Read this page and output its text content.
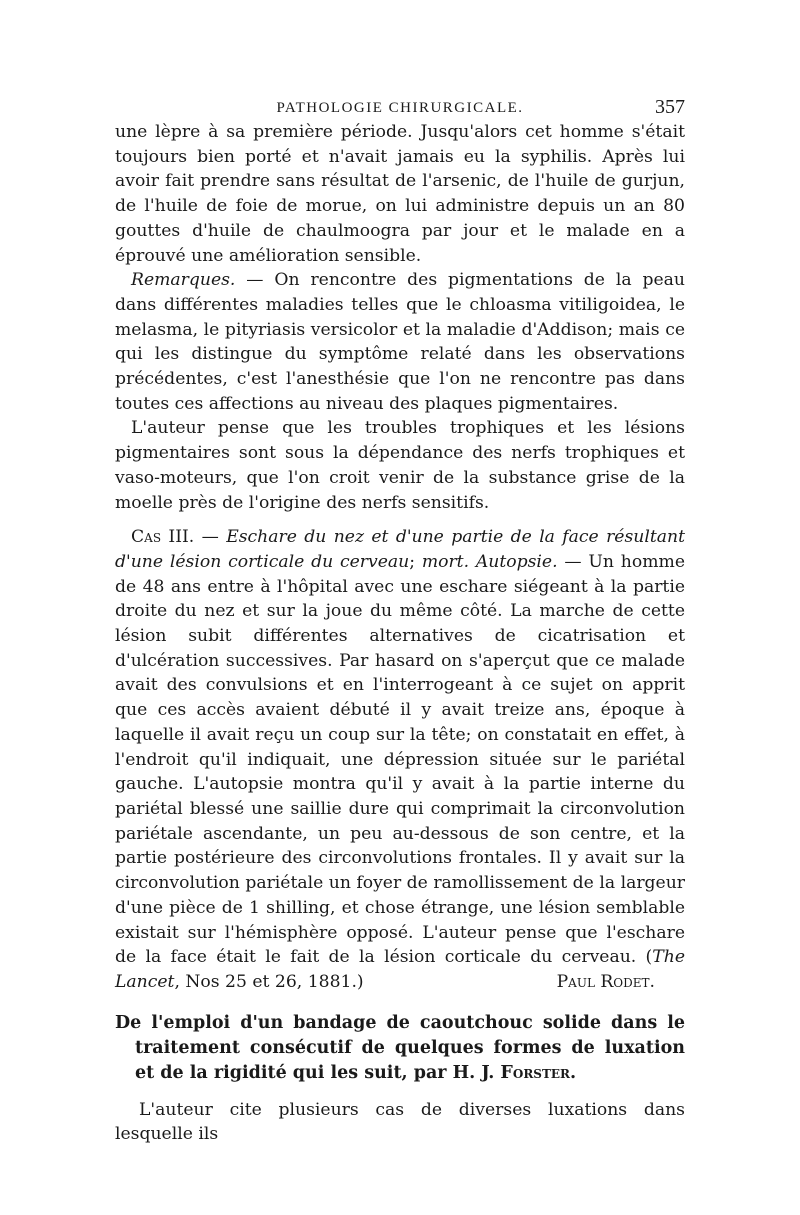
PATHOLOGIE CHIRURGICALE.	357

une lèpre à sa première période. Jusqu'alors cet homme s'était toujours bien porté et n'avait jamais eu la syphilis. Après lui avoir fait prendre sans résultat de l'arsenic, de l'huile de gurjun, de l'huile de foie de morue, on lui administre depuis un an 80 gouttes d'huile de chaulmoogra par jour et le malade en a éprouvé une amélioration sensible.

Remarques. — On rencontre des pigmentations de la peau dans différentes maladies telles que le chloasma vitiligoidea, le melasma, le pityriasis versicolor et la maladie d'Addison; mais ce qui les distingue du symptôme relaté dans les observations précédentes, c'est l'anesthésie que l'on ne rencontre pas dans toutes ces affections au niveau des plaques pigmentaires.

L'auteur pense que les troubles trophiques et les lésions pigmentaires sont sous la dépendance des nerfs trophiques et vaso-moteurs, que l'on croit venir de la substance grise de la moelle près de l'origine des nerfs sensitifs.

Cas III. — Eschare du nez et d'une partie de la face résultant d'une lésion corticale du cerveau; mort. Autopsie. — Un homme de 48 ans entre à l'hôpital avec une eschare siégeant à la partie droite du nez et sur la joue du même côté. La marche de cette lésion subit différentes alternatives de cicatrisation et d'ulcération successives. Par hasard on s'aperçut que ce malade avait des convulsions et en l'interrogeant à ce sujet on apprit que ces accès avaient débuté il y avait treize ans, époque à laquelle il avait reçu un coup sur la tête; on constatait en effet, à l'endroit qu'il indiquait, une dépression située sur le pariétal gauche. L'autopsie montra qu'il y avait à la partie interne du pariétal blessé une saillie dure qui comprimait la circonvolution pariétale ascendante, un peu au-dessous de son centre, et la partie postérieure des circonvolutions frontales. Il y avait sur la circonvolution pariétale un foyer de ramollissement de la largeur d'une pièce de 1 shilling, et chose étrange, une lésion semblable existait sur l'hémisphère opposé. L'auteur pense que l'eschare de la face était le fait de la lésion corticale du cerveau. (The Lancet, Nos 25 et 26, 1881.)	Paul Rodet.

De l'emploi d'un bandage de caoutchouc solide dans le traitement consécutif de quelques formes de luxation et de la rigidité qui les suit, par H. J. Forster.

L'auteur cite plusieurs cas de diverses luxations dans lesquelle ils
